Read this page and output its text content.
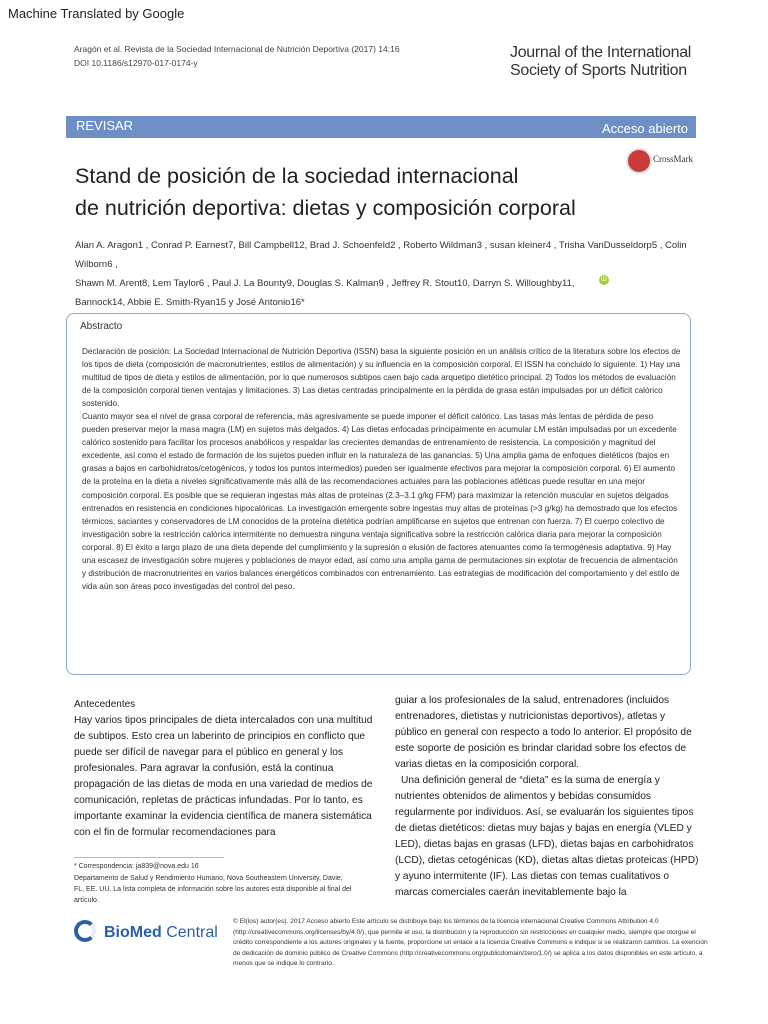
Machine Translated by Google
Aragón et al. Revista de la Sociedad Internacional de Nutrición Deportiva (2017) 14:16
DOI 10.1186/s12970-017-0174-y
Journal of the International
Society of Sports Nutrition
REVISAR	Acceso abierto
CrossMark
Stand de posición de la sociedad internacional
de nutrición deportiva: dietas y composición corporal
Alan A. Aragon1 , Conrad P. Earnest7, Bill Campbell12, Brad J. Schoenfeld2 , Roberto Wildman3 , susan kleiner4 , Trisha VanDusseldorp5 , Colin Wilborn6 ,
Shawn M. Arent8, Lem Taylor6 , Paul J. La Bounty9, Douglas S. Kalman9 , Jeffrey R. Stout10, Darryn S. Willoughby11,
Bannock14, Abbie E. Smith-Ryan15 y José Antonio16*
iD
Abstracto

Declaración de posición: La Sociedad Internacional de Nutrición Deportiva (ISSN) basa la siguiente posición en un análisis crítico de la literatura sobre los efectos de los tipos de dieta (composición de macronutrientes, estilos de alimentación) y su influencia en la composición corporal. El ISSN ha concluido lo siguiente. 1) Hay una multitud de tipos de dieta y estilos de alimentación, por lo que numerosos subtipos caen bajo cada arquetipo dietético principal. 2) Todos los métodos de evaluación de la composición corporal tienen ventajas y limitaciones. 3) Las dietas centradas principalmente en la pérdida de grasa están impulsadas por un déficit calórico sostenido.

Cuanto mayor sea el nivel de grasa corporal de referencia, más agresivamente se puede imponer el déficit calórico. Las tasas más lentas de pérdida de peso pueden preservar mejor la masa magra (LM) en sujetos más delgados. 4) Las dietas enfocadas principalmente en acumular LM están impulsadas por un excedente calórico sostenido para facilitar los procesos anabólicos y respaldar las crecientes demandas de entrenamiento de resistencia. La composición y magnitud del excedente, así como el estado de formación de los sujetos pueden influir en la naturaleza de las ganancias. 5) Una amplia gama de enfoques dietéticos (bajos en grasas a bajos en carbohidratos/cetogénicos, y todos los puntos intermedios) pueden ser igualmente efectivos para mejorar la composición corporal. 6) El aumento de la proteína en la dieta a niveles significativamente más allá de las recomendaciones actuales para las poblaciones atléticas puede resultar en una mejor composición corporal. Es posible que se requieran ingestas más altas de proteínas (2.3–3.1 g/kg FFM) para maximizar la retención muscular en sujetos delgados entrenados en resistencia en condiciones hipocalóricas. La investigación emergente sobre ingestas muy altas de proteínas (>3 g/kg) ha demostrado que los efectos térmicos, saciantes y conservadores de LM conocidos de la proteína dietética podrían amplificarse en sujetos que entrenan con fuerza. 7) El cuerpo colectivo de investigación sobre la restricción calórica intermitente no demuestra ninguna ventaja significativa sobre la restricción calórica diaria para mejorar la composición corporal. 8) El éxito a largo plazo de una dieta depende del cumplimiento y la supresión o elusión de factores atenuantes como la termogénesis adaptativa. 9) Hay una escasez de investigación sobre mujeres y poblaciones de mayor edad, así como una amplia gama de permutaciones sin explotar de frecuencia de alimentación y distribución de macronutrientes en varios balances energéticos combinados con entrenamiento. Las estrategias de modificación del comportamiento y del estilo de vida aún son áreas poco investigadas del control del peso.

Antecedentes
Hay varios tipos principales de dieta intercalados con una multitud de subtipos. Esto crea un laberinto de principios en conflicto que puede ser difícil de navegar para el público en general y los profesionales. Para agravar la confusión, está la continua propagación de las dietas de moda en una variedad de medios de comunicación, repletas de prácticas infundadas. Por lo tanto, es importante examinar la evidencia científica de manera sistemática con el fin de formular recomendaciones para

guiar a los profesionales de la salud, entrenadores (incluidos entrenadores, dietistas y nutricionistas deportivos), atletas y público en general con respecto a todo lo anterior. El propósito de este soporte de posición es brindar claridad sobre los efectos de varias dietas en la composición corporal.

Una definición general de “dieta” es la suma de energía y nutrientes obtenidos de alimentos y bebidas consumidos regularmente por individuos. Así, se evaluarán los siguientes tipos de dietas dietéticos: dietas muy bajas y bajas en energía (VLED y LED), dietas bajas en grasas (LFD), dietas bajas en carbohidratos (LCD), dietas cetogénicas (KD), dietas altas dietas proteicas (HPD) y ayuno intermitente (IF). Las dietas con temas cualitativos o marcas comerciales caerán inevitablemente bajo la

* Correspondencia: ja839@nova.edu 16

Departamento de Salud y Rendimiento Humano, Nova Southeastern University, Davie, FL, EE. UU. La lista completa de información sobre los autores está disponible al final del artículo.

BioMed Central
© El(los) autor(es). 2017 Acceso abierto Este artículo se distribuye bajo los términos de la licencia internacional Creative Commons Attribution 4.0 (http://creativecommons.org/licenses/by/4.0/), que permite el uso, la distribución y la reproducción sin restricciones en cualquier medio, siempre que otorgue el crédito correspondiente a los autores originales y la fuente, proporcione un enlace a la licencia Creative Commons e indique si se realizaron cambios. La exención de dedicación de dominio público de Creative Commons (http://creativecommons.org/publicdomain/zero/1.0/) se aplica a los datos disponibles en este artículo, a menos que se indique lo contrario.
